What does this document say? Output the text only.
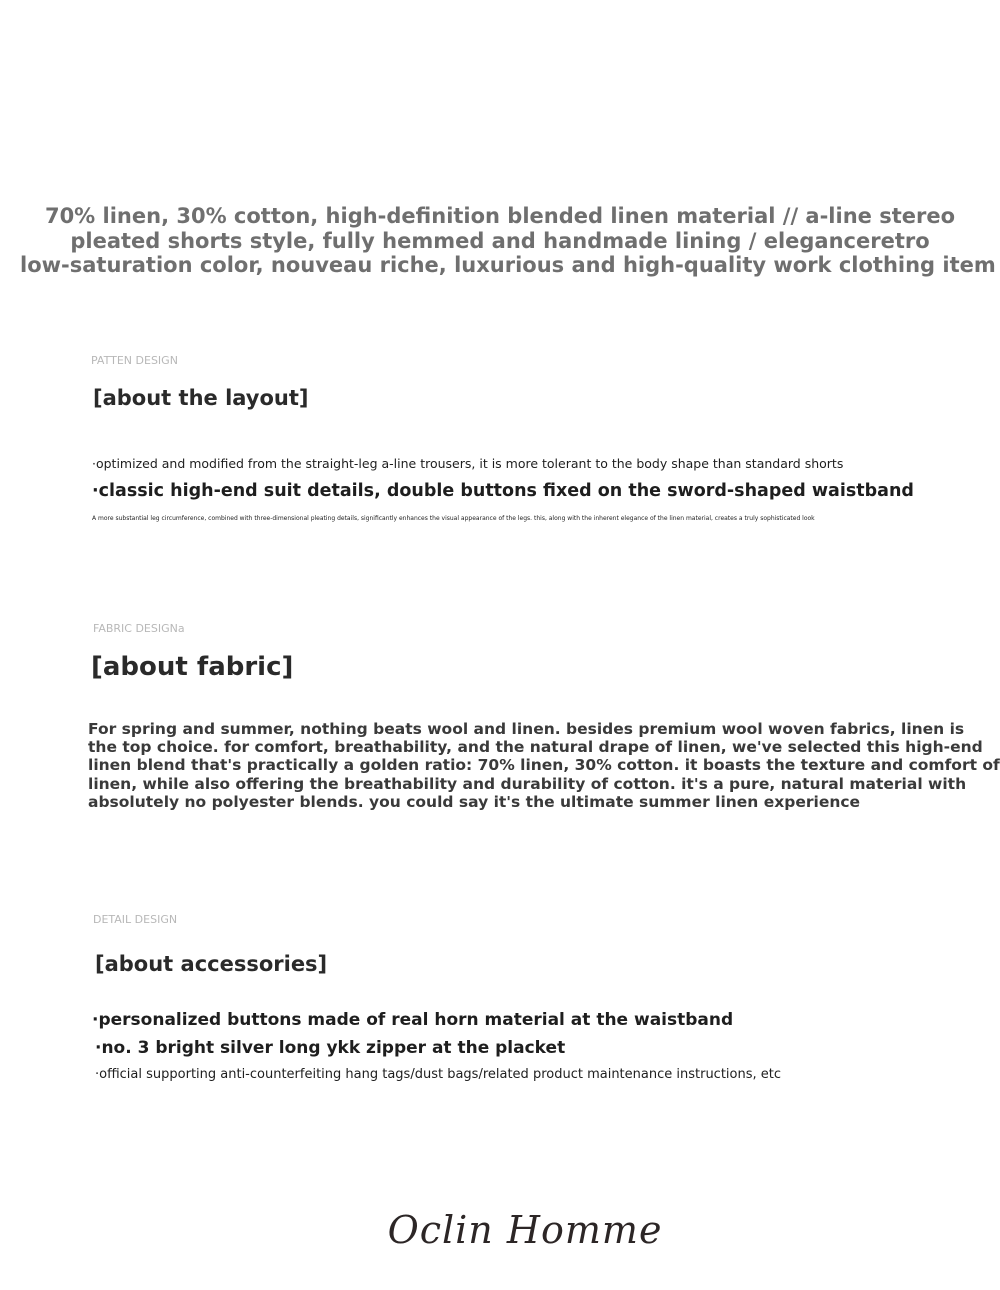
70% linen, 30% cotton, high-definition blended linen material // a-line stereo
pleated shorts style, fully hemmed and handmade lining / eleganceretro
low-saturation color, nouveau riche, luxurious and high-quality work clothing item
PATTEN DESIGN
[about the layout]
·optimized and modified from the straight-leg a-line trousers, it is more tolerant to the body shape than standard shorts
·classic high-end suit details, double buttons fixed on the sword-shaped waistband
A more substantial leg circumference, combined with three-dimensional pleating details, significantly enhances the visual appearance of the legs. this, along with the inherent elegance of the linen material, creates a truly sophisticated look
FABRIC DESIGNa
[about fabric]
For spring and summer, nothing beats wool and linen. besides premium wool woven fabrics, linen is
the top choice. for comfort, breathability, and the natural drape of linen, we've selected this high-end
linen blend that's practically a golden ratio: 70% linen, 30% cotton. it boasts the texture and comfort of
linen, while also offering the breathability and durability of cotton. it's a pure, natural material with
absolutely no polyester blends. you could say it's the ultimate summer linen experience
DETAIL DESIGN
[about accessories]
·personalized buttons made of real horn material at the waistband
·no. 3 bright silver long ykk zipper at the placket
·official supporting anti-counterfeiting hang tags/dust bags/related product maintenance instructions, etc
Oclin Homme
